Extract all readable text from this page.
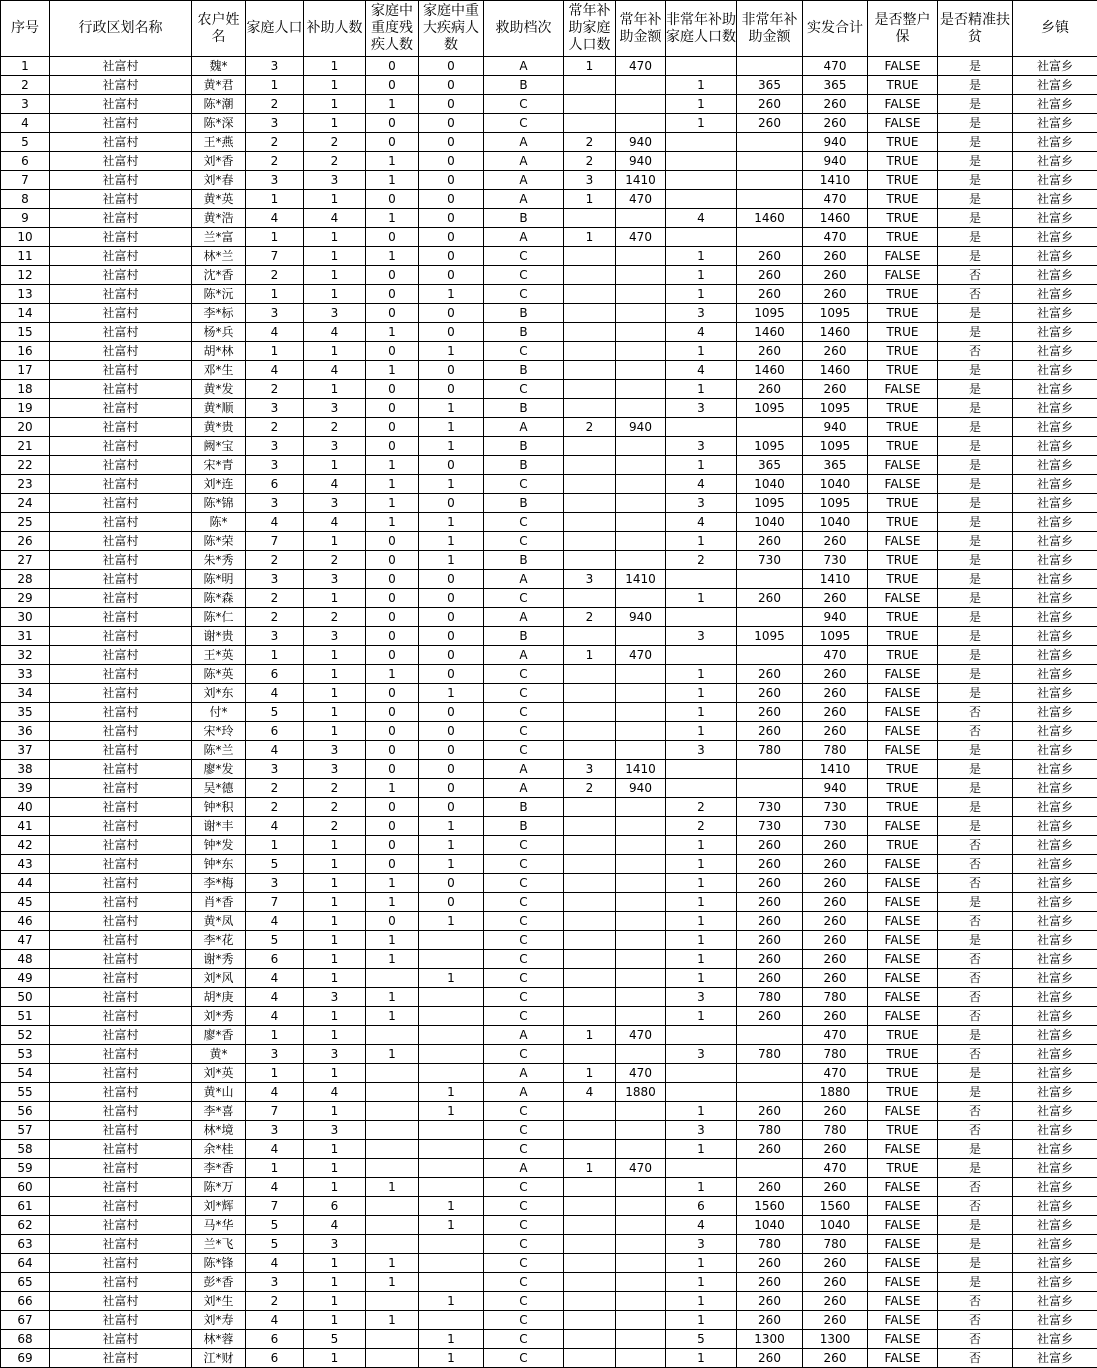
序号	行政区划名称	农户姓名	家庭人口	补助人数	家庭中重度残疾人数	家庭中重大疾病人数	救助档次	常年补助家庭人口数	常年补助金额	非常年补助家庭人口数	非常年补助金额	实发合计	是否整户保	是否精准扶贫	乡镇
1	社富村	魏*	3	1	0	0	A	1	470			470	FALSE	是	社富乡
2	社富村	黄*君	1	1	0	0	B			1	365	365	TRUE	是	社富乡
3	社富村	陈*潮	2	1	1	0	C			1	260	260	FALSE	是	社富乡
4	社富村	陈*深	3	1	0	0	C			1	260	260	FALSE	是	社富乡
5	社富村	王*燕	2	2	0	0	A	2	940			940	TRUE	是	社富乡
6	社富村	刘*香	2	2	1	0	A	2	940			940	TRUE	是	社富乡
7	社富村	刘*春	3	3	1	0	A	3	1410			1410	TRUE	是	社富乡
8	社富村	黄*英	1	1	0	0	A	1	470			470	TRUE	是	社富乡
9	社富村	黄*浩	4	4	1	0	B			4	1460	1460	TRUE	是	社富乡
10	社富村	兰*富	1	1	0	0	A	1	470			470	TRUE	是	社富乡
11	社富村	林*兰	7	1	1	0	C			1	260	260	FALSE	是	社富乡
12	社富村	沈*香	2	1	0	0	C			1	260	260	FALSE	否	社富乡
13	社富村	陈*沅	1	1	0	1	C			1	260	260	TRUE	否	社富乡
14	社富村	李*标	3	3	0	0	B			3	1095	1095	TRUE	是	社富乡
15	社富村	杨*兵	4	4	1	0	B			4	1460	1460	TRUE	是	社富乡
16	社富村	胡*林	1	1	0	1	C			1	260	260	TRUE	否	社富乡
17	社富村	邓*生	4	4	1	0	B			4	1460	1460	TRUE	是	社富乡
18	社富村	黄*发	2	1	0	0	C			1	260	260	FALSE	是	社富乡
19	社富村	黄*顺	3	3	0	1	B			3	1095	1095	TRUE	是	社富乡
20	社富村	黄*贵	2	2	0	1	A	2	940			940	TRUE	是	社富乡
21	社富村	阙*宝	3	3	0	1	B			3	1095	1095	TRUE	是	社富乡
22	社富村	宋*青	3	1	1	0	B			1	365	365	FALSE	是	社富乡
23	社富村	刘*连	6	4	1	1	C			4	1040	1040	FALSE	是	社富乡
24	社富村	陈*锦	3	3	1	0	B			3	1095	1095	TRUE	是	社富乡
25	社富村	陈*	4	4	1	1	C			4	1040	1040	TRUE	是	社富乡
26	社富村	陈*荣	7	1	0	1	C			1	260	260	FALSE	是	社富乡
27	社富村	朱*秀	2	2	0	1	B			2	730	730	TRUE	是	社富乡
28	社富村	陈*明	3	3	0	0	A	3	1410			1410	TRUE	是	社富乡
29	社富村	陈*森	2	1	0	0	C			1	260	260	FALSE	是	社富乡
30	社富村	陈*仁	2	2	0	0	A	2	940			940	TRUE	是	社富乡
31	社富村	谢*贵	3	3	0	0	B			3	1095	1095	TRUE	是	社富乡
32	社富村	王*英	1	1	0	0	A	1	470			470	TRUE	是	社富乡
33	社富村	陈*英	6	1	1	0	C			1	260	260	FALSE	是	社富乡
34	社富村	刘*东	4	1	0	1	C			1	260	260	FALSE	是	社富乡
35	社富村	付*	5	1	0	0	C			1	260	260	FALSE	否	社富乡
36	社富村	宋*玲	6	1	0	0	C			1	260	260	FALSE	否	社富乡
37	社富村	陈*兰	4	3	0	0	C			3	780	780	FALSE	是	社富乡
38	社富村	廖*发	3	3	0	0	A	3	1410			1410	TRUE	是	社富乡
39	社富村	吴*德	2	2	1	0	A	2	940			940	TRUE	是	社富乡
40	社富村	钟*积	2	2	0	0	B			2	730	730	TRUE	是	社富乡
41	社富村	谢*丰	4	2	0	1	B			2	730	730	FALSE	是	社富乡
42	社富村	钟*发	1	1	0	1	C			1	260	260	TRUE	否	社富乡
43	社富村	钟*东	5	1	0	1	C			1	260	260	FALSE	否	社富乡
44	社富村	李*梅	3	1	1	0	C			1	260	260	FALSE	否	社富乡
45	社富村	肖*香	7	1	1	0	C			1	260	260	FALSE	是	社富乡
46	社富村	黄*凤	4	1	0	1	C			1	260	260	FALSE	否	社富乡
47	社富村	李*花	5	1	1		C			1	260	260	FALSE	是	社富乡
48	社富村	谢*秀	6	1	1		C			1	260	260	FALSE	否	社富乡
49	社富村	刘*风	4	1		1	C			1	260	260	FALSE	否	社富乡
50	社富村	胡*庚	4	3	1		C			3	780	780	FALSE	否	社富乡
51	社富村	刘*秀	4	1	1		C			1	260	260	FALSE	否	社富乡
52	社富村	廖*香	1	1			A	1	470			470	TRUE	是	社富乡
53	社富村	黄*	3	3	1		C			3	780	780	TRUE	否	社富乡
54	社富村	刘*英	1	1			A	1	470			470	TRUE	是	社富乡
55	社富村	黄*山	4	4		1	A	4	1880			1880	TRUE	是	社富乡
56	社富村	李*喜	7	1		1	C			1	260	260	FALSE	否	社富乡
57	社富村	林*境	3	3			C			3	780	780	TRUE	否	社富乡
58	社富村	余*桂	4	1			C			1	260	260	FALSE	是	社富乡
59	社富村	李*香	1	1			A	1	470			470	TRUE	是	社富乡
60	社富村	陈*万	4	1	1		C			1	260	260	FALSE	否	社富乡
61	社富村	刘*辉	7	6		1	C			6	1560	1560	FALSE	否	社富乡
62	社富村	马*华	5	4		1	C			4	1040	1040	FALSE	是	社富乡
63	社富村	兰*飞	5	3			C			3	780	780	FALSE	是	社富乡
64	社富村	陈*锋	4	1	1		C			1	260	260	FALSE	是	社富乡
65	社富村	彭*香	3	1	1		C			1	260	260	FALSE	是	社富乡
66	社富村	刘*生	2	1		1	C			1	260	260	FALSE	否	社富乡
67	社富村	刘*寿	4	1	1		C			1	260	260	FALSE	否	社富乡
68	社富村	林*蓉	6	5		1	C			5	1300	1300	FALSE	否	社富乡
69	社富村	江*财	6	1		1	C			1	260	260	FALSE	否	社富乡
